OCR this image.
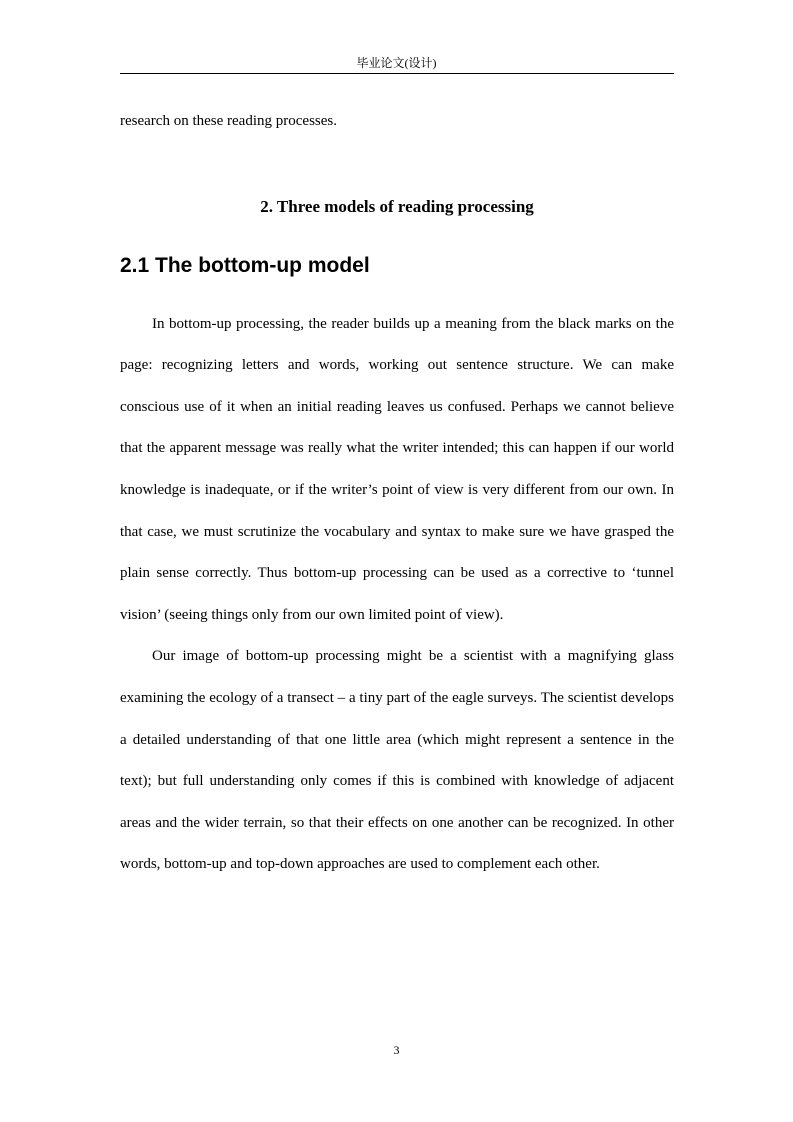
毕业论文(设计)

research on these reading processes.

2. Three models of reading processing
2.1 The bottom-up model

In bottom-up processing, the reader builds up a meaning from the black marks on the page: recognizing letters and words, working out sentence structure. We can make conscious use of it when an initial reading leaves us confused. Perhaps we cannot believe that the apparent message was really what the writer intended; this can happen if our world knowledge is inadequate, or if the writer’s point of view is very different from our own. In that case, we must scrutinize the vocabulary and syntax to make sure we have grasped the plain sense correctly. Thus bottom-up processing can be used as a corrective to ‘tunnel vision’ (seeing things only from our own limited point of view).

Our image of bottom-up processing might be a scientist with a magnifying glass examining the ecology of a transect – a tiny part of the eagle surveys. The scientist develops a detailed understanding of that one little area (which might represent a sentence in the text); but full understanding only comes if this is combined with knowledge of adjacent areas and the wider terrain, so that their effects on one another can be recognized. In other words, bottom-up and top-down approaches are used to complement each other.

3
